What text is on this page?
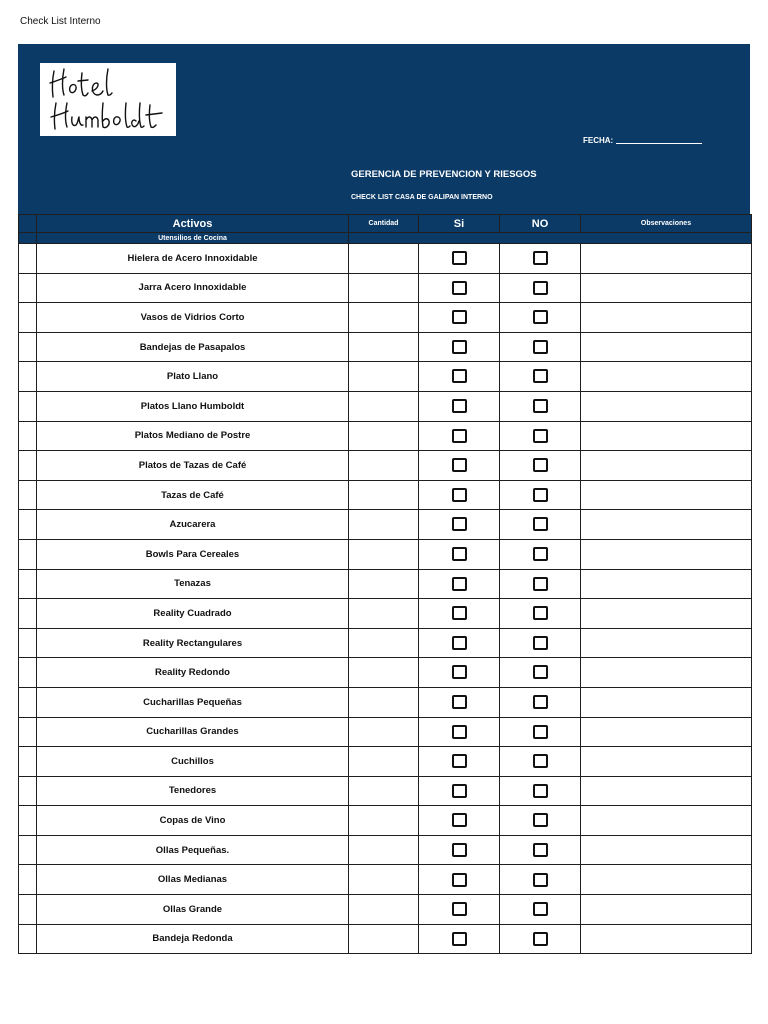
Check List Interno
FECHA:
GERENCIA DE PREVENCION Y RIESGOS
CHECK LIST CASA DE GALIPAN INTERNO
	Activos	Cantidad	Si	NO	Observaciones
	Utensilios de Cocina				
	Hielera de Acero Innoxidable				
	Jarra Acero Innoxidable				
	Vasos de Vidrios Corto				
	Bandejas de Pasapalos				
	Plato Llano				
	Platos Llano Humboldt				
	Platos Mediano de Postre				
	Platos de Tazas de Café				
	Tazas de Café				
	Azucarera				
	Bowls Para Cereales				
	Tenazas				
	Reality Cuadrado				
	Reality Rectangulares				
	Reality Redondo				
	Cucharillas Pequeñas				
	Cucharillas Grandes				
	Cuchillos				
	Tenedores				
	Copas de Vino				
	Ollas Pequeñas.				
	Ollas Medianas				
	Ollas Grande				
	Bandeja Redonda				
